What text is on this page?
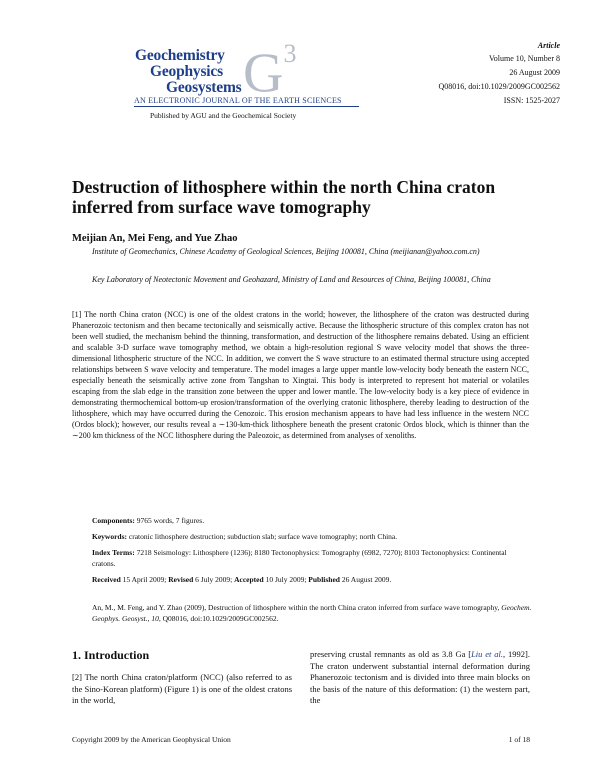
Geochemistry
Geophysics
Geosystems $G^3$
AN ELECTRONIC JOURNAL OF THE EARTH SCIENCES
Published by AGU and the Geochemical Society
Article
Volume 10, Number 8
26 August 2009
Q08016, doi:10.1029/2009GC002562
ISSN: 1525-2027
Destruction of lithosphere within the north China craton inferred from surface wave tomography
Meijian An, Mei Feng, and Yue Zhao
Institute of Geomechanics, Chinese Academy of Geological Sciences, Beijing 100081, China (meijianan@yahoo.com.cn)
Key Laboratory of Neotectonic Movement and Geohazard, Ministry of Land and Resources of China, Beijing 100081, China
[1] The north China craton (NCC) is one of the oldest cratons in the world; however, the lithosphere of the craton was destructed during Phanerozoic tectonism and then became tectonically and seismically active. Because the lithospheric structure of this complex craton has not been well studied, the mechanism behind the thinning, transformation, and destruction of the lithosphere remains debated. Using an efficient and scalable 3-D surface wave tomography method, we obtain a high-resolution regional S wave velocity model that shows the three-dimensional lithospheric structure of the NCC. In addition, we convert the S wave structure to an estimated thermal structure using accepted relationships between S wave velocity and temperature. The model images a large upper mantle low-velocity body beneath the eastern NCC, especially beneath the seismically active zone from Tangshan to Xingtai. This body is interpreted to represent hot material or volatiles escaping from the slab edge in the transition zone between the upper and lower mantle. The low-velocity body is a key piece of evidence in demonstrating thermochemical bottom-up erosion/transformation of the overlying cratonic lithosphere, thereby leading to destruction of the lithosphere, which may have occurred during the Cenozoic. This erosion mechanism appears to have had less influence in the western NCC (Ordos block); however, our results reveal a ∼130-km-thick lithosphere beneath the present cratonic Ordos block, which is thinner than the ∼200 km thickness of the NCC lithosphere during the Paleozoic, as determined from analyses of xenoliths.
Components: 9765 words, 7 figures.
Keywords: cratonic lithosphere destruction; subduction slab; surface wave tomography; north China.
Index Terms: 7218 Seismology: Lithosphere (1236); 8180 Tectonophysics: Tomography (6982, 7270); 8103 Tectonophysics: Continental cratons.
Received 15 April 2009; Revised 6 July 2009; Accepted 10 July 2009; Published 26 August 2009.
An, M., M. Feng, and Y. Zhao (2009), Destruction of lithosphere within the north China craton inferred from surface wave tomography, Geochem. Geophys. Geosyst., 10, Q08016, doi:10.1029/2009GC002562.
1. Introduction
[2] The north China craton/platform (NCC) (also referred to as the Sino-Korean platform) (Figure 1) is one of the oldest cratons in the world,
preserving crustal remnants as old as 3.8 Ga [Liu et al., 1992]. The craton underwent substantial internal deformation during Phanerozoic tectonism and is divided into three main blocks on the basis of the nature of this deformation: (1) the western part, the
Copyright 2009 by the American Geophysical Union	1 of 18
